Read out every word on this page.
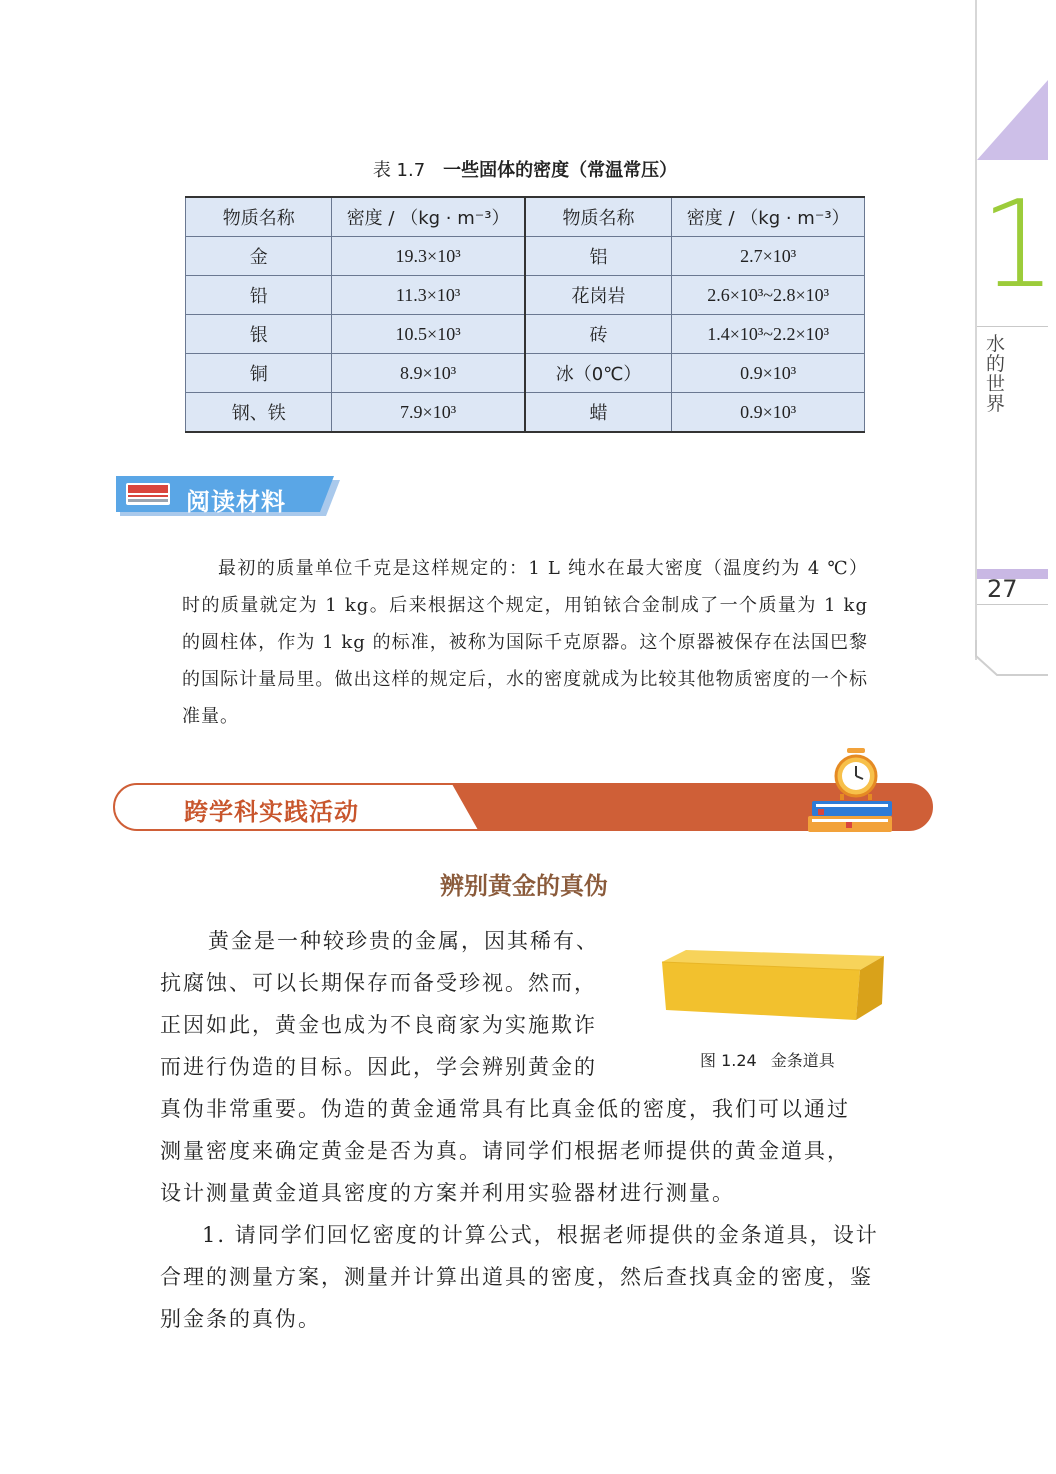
1
水的世界
27
表 1.7 一些固体的密度（常温常压）
物质名称	密度 / （kg · m⁻³）	物质名称	密度 / （kg · m⁻³）
金	19.3×10³	铝	2.7×10³
铅	11.3×10³	花岗岩	2.6×10³~2.8×10³
银	10.5×10³	砖	1.4×10³~2.2×10³
铜	8.9×10³	冰（0℃）	0.9×10³
钢、铁	7.9×10³	蜡	0.9×10³
阅读材料

最初的质量单位千克是这样规定的：1 L 纯水在最大密度（温度约为 4 ℃）时的质量就定为 1 kg。后来根据这个规定，用铂铱合金制成了一个质量为 1 kg 的圆柱体，作为 1 kg 的标准，被称为国际千克原器。这个原器被保存在法国巴黎的国际计量局里。做出这样的规定后，水的密度就成为比较其他物质密度的一个标准量。

跨学科实践活动
辨别黄金的真伪
图 1.24 金条道具
黄金是一种较珍贵的金属，因其稀有、
抗腐蚀、可以长期保存而备受珍视。然而，
正因如此，黄金也成为不良商家为实施欺诈
而进行伪造的目标。因此，学会辨别黄金的
真伪非常重要。伪造的黄金通常具有比真金低的密度，我们可以通过
测量密度来确定黄金是否为真。请同学们根据老师提供的黄金道具，
设计测量黄金道具密度的方案并利用实验器材进行测量。

1. 请同学们回忆密度的计算公式，根据老师提供的金条道具，设计合理的测量方案，测量并计算出道具的密度，然后查找真金的密度，鉴别金条的真伪。
